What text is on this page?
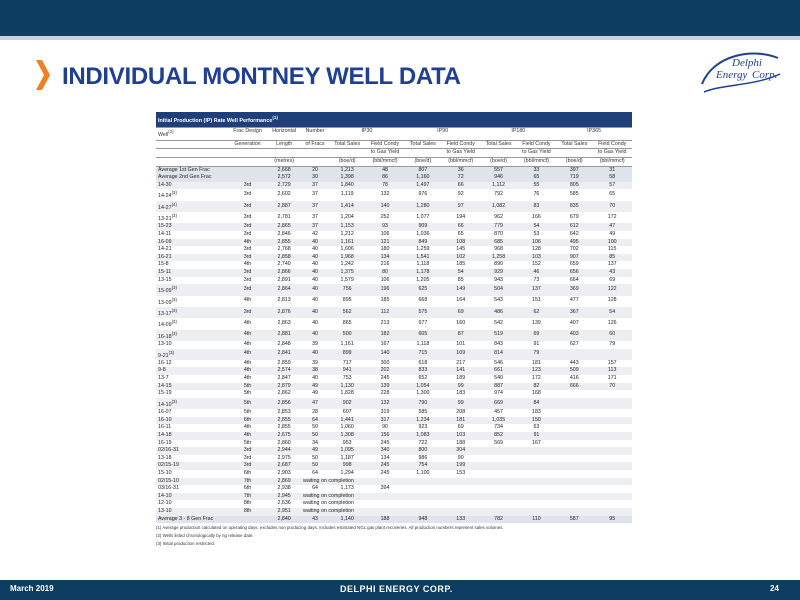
INDIVIDUAL MONTNEY WELL DATA	Delphi
Energy Corp.
Initial Production (IP) Rate Well Performance$^{(1)}$
Well$^{(2)}$	Frac Design	Horizontal	Number	IP30		IP90		IP180		IP365	
	Generation	Length	of Fracs	Total Sales	Field Condy	Total Sales	Field Condy	Total Sales	Field Condy	Total Sales	Field Condy
					to Gas Yield		to Gas Yield		to Gas Yield		to Gas Yield
		(metres)		(boe/d)	(bbl/mmcf)	(boe/d)	(bbl/mmcf)	(boe/d)	(bbl/mmcf)	(boe/d)	(bbl/mmcf)
Average 1st Gen Frac		2,668	20	1,213	48	807	36	557	33	397	31
Average 2nd Gen Frac		2,572	30	1,398	86	1,160	72	946	65	719	58
14-30	3rd	2,729	37	1,840	78	1,497	66	1,112	55	805	57
14-24$^{(3)}$	3rd	2,602	37	1,119	132	976	92	792	76	585	65
14-27$^{(4)}$	3rd	2,887	37	1,414	140	1,280	97	1,082	83	835	70
13-21$^{(3)}$	3rd	2,781	37	1,204	252	1,077	194	962	166	679	172
15-23	3rd	2,865	37	1,153	93	909	66	779	54	612	47
14-11	3rd	2,846	42	1,212	106	1,036	65	870	53	642	49
16-09	4th	2,855	40	1,161	121	849	108	685	106	495	100
14-21	3rd	2,768	40	1,606	180	1,259	145	968	128	702	115
16-21	3rd	2,858	40	1,968	134	1,541	102	1,258	103	907	85
15-8	4th	2,740	40	1,242	216	1,118	185	890	152	659	137
15-11	3rd	2,866	40	1,375	80	1,178	54	929	46	656	43
13-15	3rd	2,891	40	1,579	106	1,205	85	943	73	664	69
15-09$^{(3)}$	3rd	2,864	40	756	196	625	149	504	137	369	122
13-09$^{(3)}$	4th	2,813	40	895	185	668	164	543	151	477	128
13-17$^{(3)}$	3rd	2,876	40	562	112	575	69	486	62	367	54
14-09$^{(3)}$	4th	2,863	40	865	213	677	160	542	139	407	126
16-18$^{(3)}$	4th	2,881	40	500	182	605	87	519	69	403	60
13-10	4th	2,848	39	1,161	167	1,118	101	843	91	627	79
9-21$^{(3)}$	4th	2,841	40	899	140	715	109	814	79		
16-12	4th	2,859	39	717	300	618	217	546	181	443	157
9-8	4th	2,574	38	941	202	833	141	661	123	509	113
13-7	4th	2,847	40	753	245	652	189	540	172	416	171
14-15	5th	2,879	49	1,130	139	1,054	99	887	82	666	70
15-19	5th	2,862	49	1,828	228	1,300	183	974	168		
14-10$^{(3)}$	5th	2,856	47	902	132	790	99	669	84		
16-07	5th	2,853	28	607	319	585	208	457	183		
16-10	6th	2,855	64	1,441	317	1,234	181	1,035	150		
16-11	4th	2,855	50	1,060	90	923	69	734	63		
14-18	4th	2,675	50	1,308	156	1,083	103	852	91		
16-19	5th	2,860	34	953	245	722	188	569	167		
02/16-31	3rd	2,944	49	1,095	340	800	304				
13-18	3rd	2,975	50	1,187	134	986	90				
02/15-19	3rd	2,687	50	998	245	754	199				
15-10	6th	2,903	64	1,294	245	1,100	153				
02/15-10	7th	2,869	waiting on completion								
03/16-31	6th	2,938	64	1,173	394						
14-10	7th	2,945	waiting on completion								
12-10	8th	2,636	waiting on completion								
13-10	8th	2,951	waiting on completion								
Average 3 - 8 Gen Frac		2,840	43	1,140	188	948	133	782	110	587	95
(1) Average production calculated on operating days, excludes non producing days. Includes estimated NGL gas plant recoveries. All production numbers represent sales volumes.
(2) Wells listed chronologically by rig release date.
(3) Initial production restricted.
March 2019	DELPHI ENERGY CORP.	24
